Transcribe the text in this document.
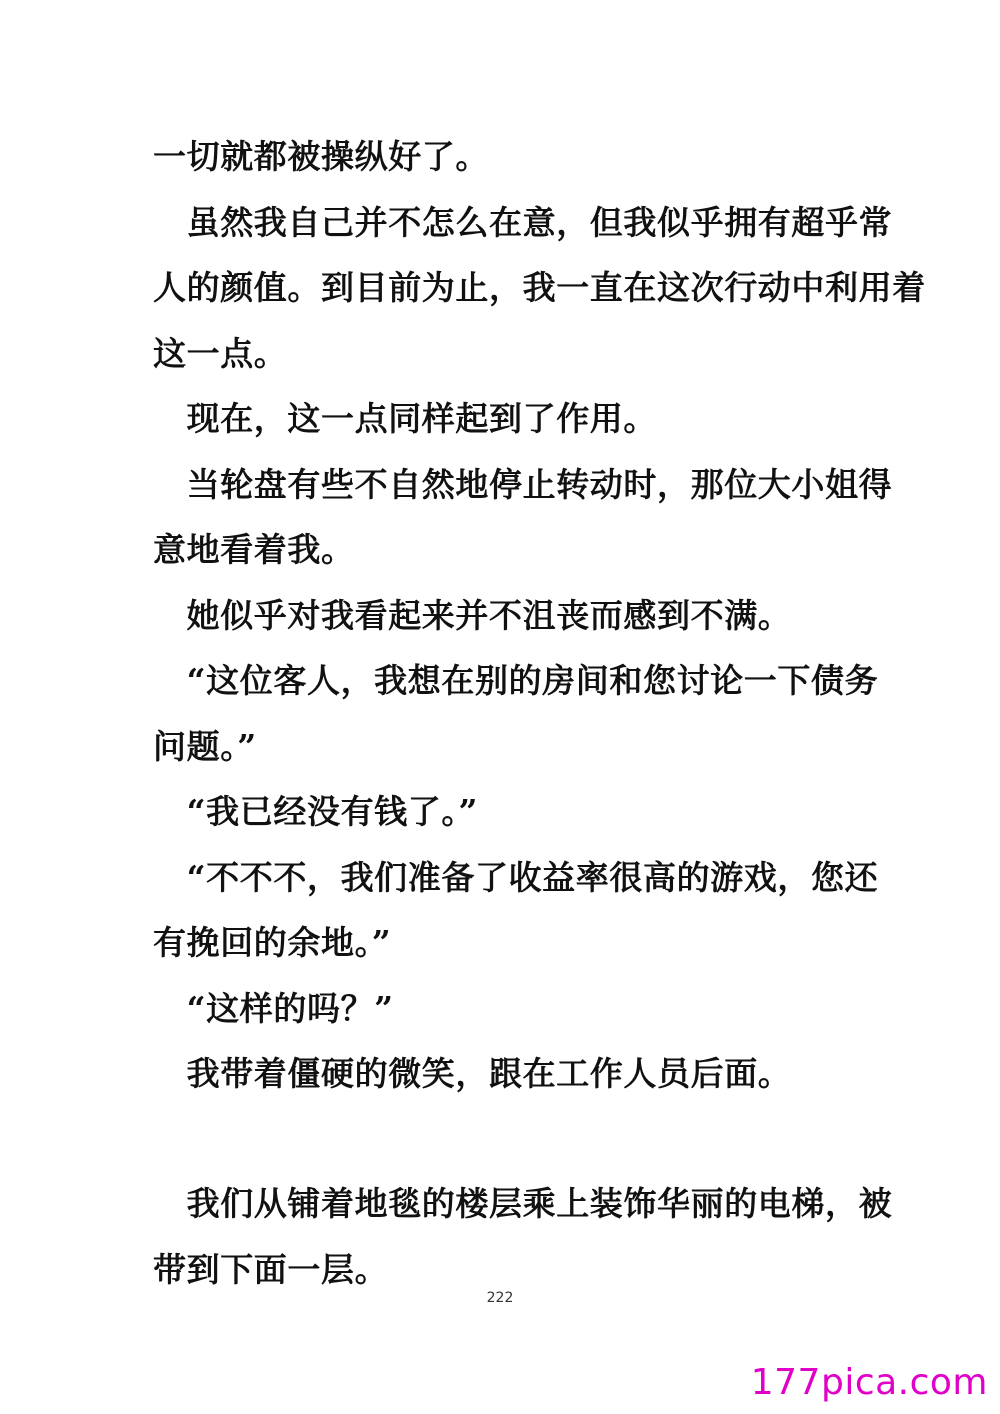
一切就都被操纵好了。
　虽然我自己并不怎么在意，但我似乎拥有超乎常
人的颜值。到目前为止，我一直在这次行动中利用着
这一点。
　现在，这一点同样起到了作用。
　当轮盘有些不自然地停止转动时，那位大小姐得
意地看着我。
　她似乎对我看起来并不沮丧而感到不满。
　“这位客人，我想在别的房间和您讨论一下债务
问题。”
　“我已经没有钱了。”
　“不不不，我们准备了收益率很高的游戏，您还
有挽回的余地。”
　“这样的吗？”
　我带着僵硬的微笑，跟在工作人员后面。
　我们从铺着地毯的楼层乘上装饰华丽的电梯，被
带到下面一层。
222
177pica.com
